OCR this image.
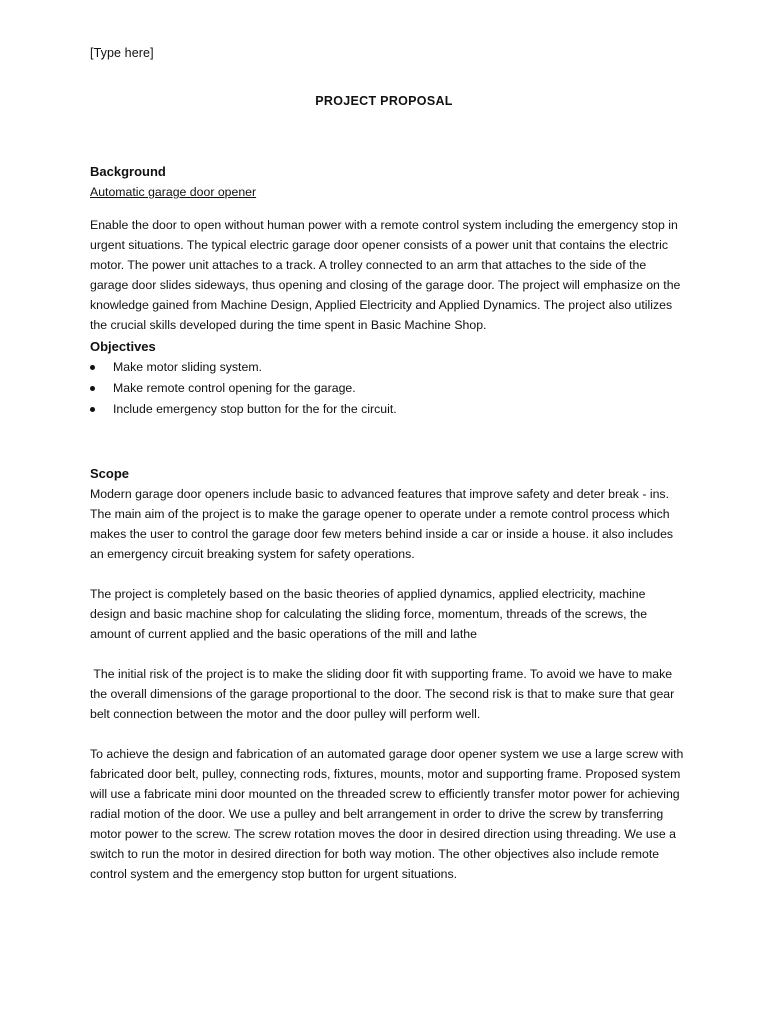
[Type here]
PROJECT PROPOSAL
Background
Automatic garage door opener

Enable the door to open without human power with a remote control system including the emergency stop in urgent situations. The typical electric garage door opener consists of a power unit that contains the electric motor. The power unit attaches to a track. A trolley connected to an arm that attaches to the side of the garage door slides sideways, thus opening and closing of the garage door. The project will emphasize on the knowledge gained from Machine Design, Applied Electricity and Applied Dynamics. The project also utilizes the crucial skills developed during the time spent in Basic Machine Shop.

Objectives
Make motor sliding system.
Make remote control opening for the garage.
Include emergency stop button for the for the circuit.
Scope

Modern garage door openers include basic to advanced features that improve safety and deter break - ins. The main aim of the project is to make the garage opener to operate under a remote control process which makes the user to control the garage door few meters behind inside a car or inside a house. it also includes an emergency circuit breaking system for safety operations.

The project is completely based on the basic theories of applied dynamics, applied electricity, machine design and basic machine shop for calculating the sliding force, momentum, threads of the screws, the amount of current applied and the basic operations of the mill and lathe

The initial risk of the project is to make the sliding door fit with supporting frame. To avoid we have to make the overall dimensions of the garage proportional to the door. The second risk is that to make sure that gear belt connection between the motor and the door pulley will perform well.

To achieve the design and fabrication of an automated garage door opener system we use a large screw with fabricated door belt, pulley, connecting rods, fixtures, mounts, motor and supporting frame. Proposed system will use a fabricate mini door mounted on the threaded screw to efficiently transfer motor power for achieving radial motion of the door. We use a pulley and belt arrangement in order to drive the screw by transferring motor power to the screw. The screw rotation moves the door in desired direction using threading. We use a switch to run the motor in desired direction for both way motion. The other objectives also include remote control system and the emergency stop button for urgent situations.
